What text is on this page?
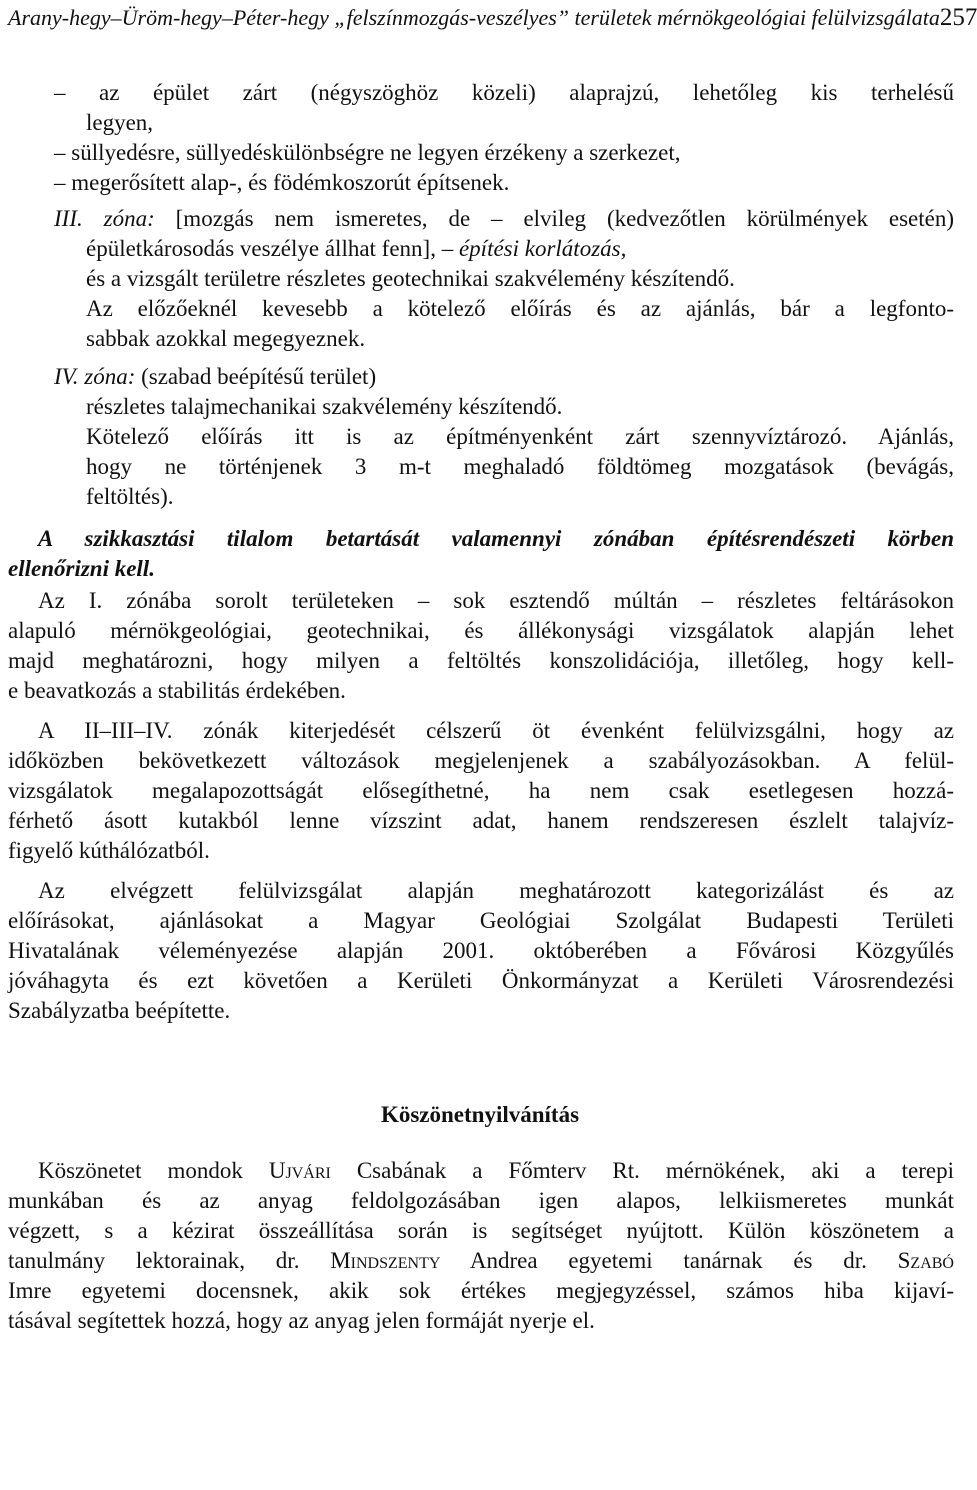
Arany-hegy–Üröm-hegy–Péter-hegy „felszínmozgás-veszélyes” területek mérnökgeológiai felülvizsgálata257
– az épület zárt (négyszöghöz közeli) alaprajzú, lehetőleg kis terhelésű
legyen,
– süllyedésre, süllyedéskülönbségre ne legyen érzékeny a szerkezet,
– megerősített alap-, és födémkoszorút építsenek.
III. zóna: [mozgás nem ismeretes, de – elvileg (kedvezőtlen körülmények esetén)
épületkárosodás veszélye állhat fenn], – építési korlátozás,
és a vizsgált területre részletes geotechnikai szakvélemény készítendő.
Az előzőeknél kevesebb a kötelező előírás és az ajánlás, bár a legfonto-
sabbak azokkal megegyeznek.
IV. zóna: (szabad beépítésű terület)
részletes talajmechanikai szakvélemény készítendő.
Kötelező előírás itt is az építményenként zárt szennyvíztározó. Ajánlás,
hogy ne történjenek 3 m-t meghaladó földtömeg mozgatások (bevágás,
feltöltés).
A szikkasztási tilalom betartását valamennyi zónában építésrendészeti körben
ellenőrizni kell.
Az I. zónába sorolt területeken – sok esztendő múltán – részletes feltárásokon
alapuló mérnökgeológiai, geotechnikai, és állékonysági vizsgálatok alapján lehet
majd meghatározni, hogy milyen a feltöltés konszolidációja, illetőleg, hogy kell-
e beavatkozás a stabilitás érdekében.
A II–III–IV. zónák kiterjedését célszerű öt évenként felülvizsgálni, hogy az
időközben bekövetkezett változások megjelenjenek a szabályozásokban. A felül-
vizsgálatok megalapozottságát elősegíthetné, ha nem csak esetlegesen hozzá-
férhető ásott kutakból lenne vízszint adat, hanem rendszeresen észlelt talajvíz-
figyelő kúthálózatból.
Az elvégzett felülvizsgálat alapján meghatározott kategorizálást és az
előírásokat, ajánlásokat a Magyar Geológiai Szolgálat Budapesti Területi
Hivatalának véleményezése alapján 2001. októberében a Fővárosi Közgyűlés
jóváhagyta és ezt követően a Kerületi Önkormányzat a Kerületi Városrendezési
Szabályzatba beépítette.
Köszönetnyilvánítás
Köszönetet mondok Ujvári Csabának a Főmterv Rt. mérnökének, aki a terepi
munkában és az anyag feldolgozásában igen alapos, lelkiismeretes munkát
végzett, s a kézirat összeállítása során is segítséget nyújtott. Külön köszönetem a
tanulmány lektorainak, dr. Mindszenty Andrea egyetemi tanárnak és dr. Szabó
Imre egyetemi docensnek, akik sok értékes megjegyzéssel, számos hiba kijaví-
tásával segítettek hozzá, hogy az anyag jelen formáját nyerje el.
